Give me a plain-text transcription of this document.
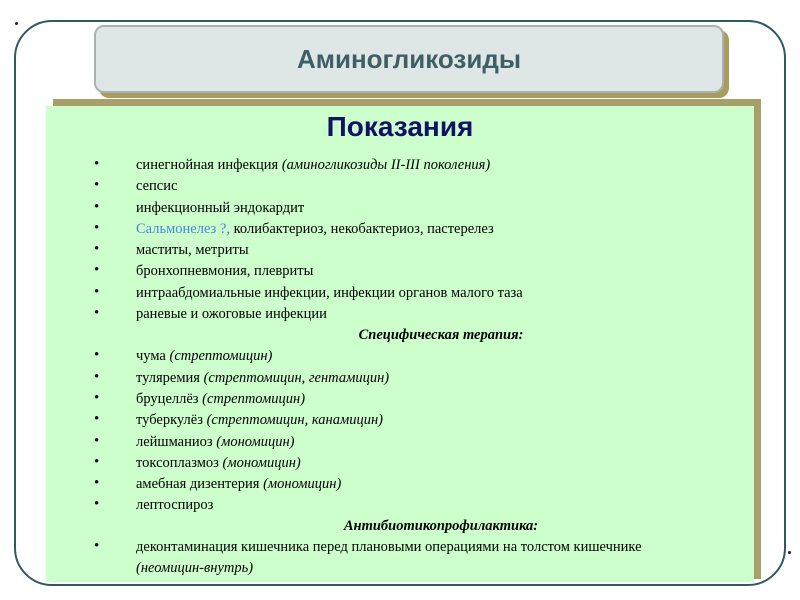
Аминогликозиды
Показания
•	синегнойная инфекция (аминогликозиды II-III поколения)
•	сепсис
•	инфекционный эндокардит
•	Сальмонелез ?, колибактериоз, некобактериоз, пастерелез
•	маститы, метриты
•	бронхопневмония, плевриты
•	интраабдомиальные инфекции, инфекции органов малого таза
•	раневые и ожоговые инфекции
Специфическая терапия:
•	чума (стрептомицин)
•	туляремия (стрептомицин, гентамицин)
•	бруцеллёз (стрептомицин)
•	туберкулёз (стрептомицин, канамицин)
•	лейшманиоз (мономицин)
•	токсоплазмоз (мономицин)
•	амебная дизентерия (мономицин)
•	лептоспироз
Антибиотикопрофилактика:
•	деконтаминация кишечника перед плановыми операциями на толстом кишечнике (неомицин-внутрь)
